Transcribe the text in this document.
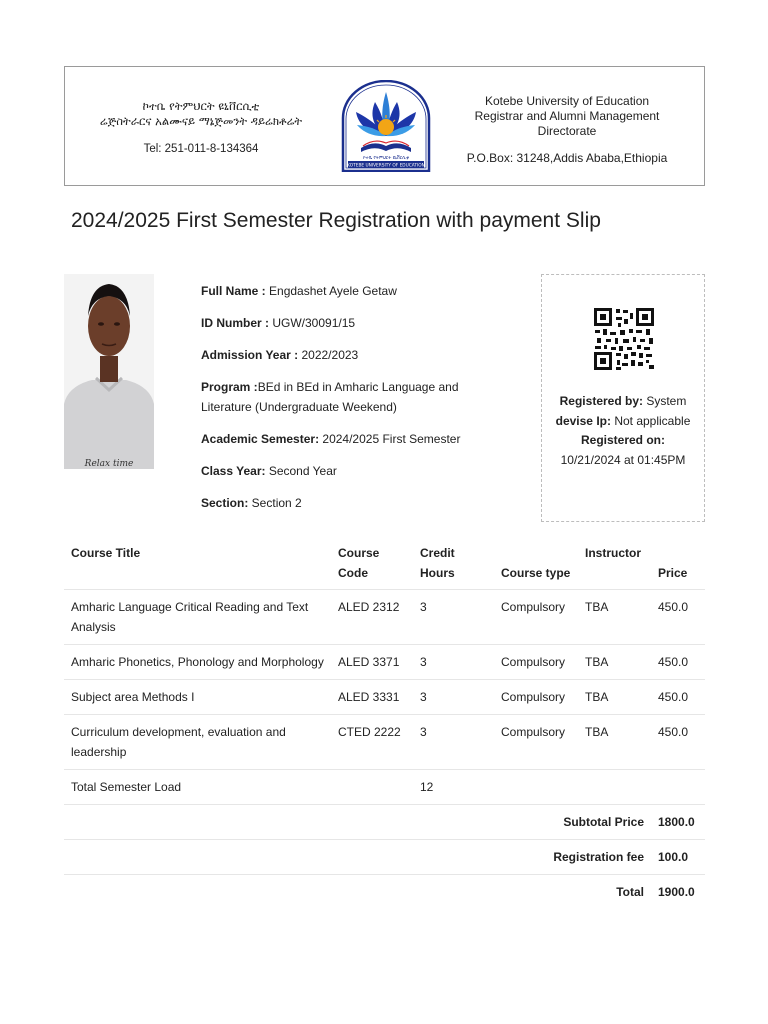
ኮተቤ የትምህርት ዩኒቨርሲቲ
ሬጅስትራርና አልሙናይ ማኔጅመንት ዳይሬክቶሬት
Tel: 251-011-8-134364
ኮተቤ የትምህርት ዩኒቨርሲቲ
KOTEBE UNIVERSITY OF EDUCATION
Kotebe University of Education
Registrar and Alumni Management
Directorate
P.O.Box: 31248,Addis Ababa,Ethiopia
2024/2025 First Semester Registration with payment Slip
Relax time
Full Name : Engdashet Ayele Getaw
ID Number : UGW/30091/15
Admission Year : 2022/2023
Program :BEd in BEd in Amharic Language and Literature (Undergraduate Weekend)
Academic Semester: 2024/2025 First Semester
Class Year: Second Year
Section: Section 2
Registered by: System
devise Ip: Not applicable
Registered on:
10/21/2024 at 01:45PM
Course Title	Course Code	Credit Hours	Course type	Instructor	Price
Amharic Language Critical Reading and Text Analysis	ALED 2312	3	Compulsory	TBA	450.0
Amharic Phonetics, Phonology and Morphology	ALED 3371	3	Compulsory	TBA	450.0
Subject area Methods I	ALED 3331	3	Compulsory	TBA	450.0
Curriculum development, evaluation and leadership	CTED 2222	3	Compulsory	TBA	450.0
Total Semester Load		12			
Subtotal Price					1800.0
Registration fee					100.0
Total					1900.0
